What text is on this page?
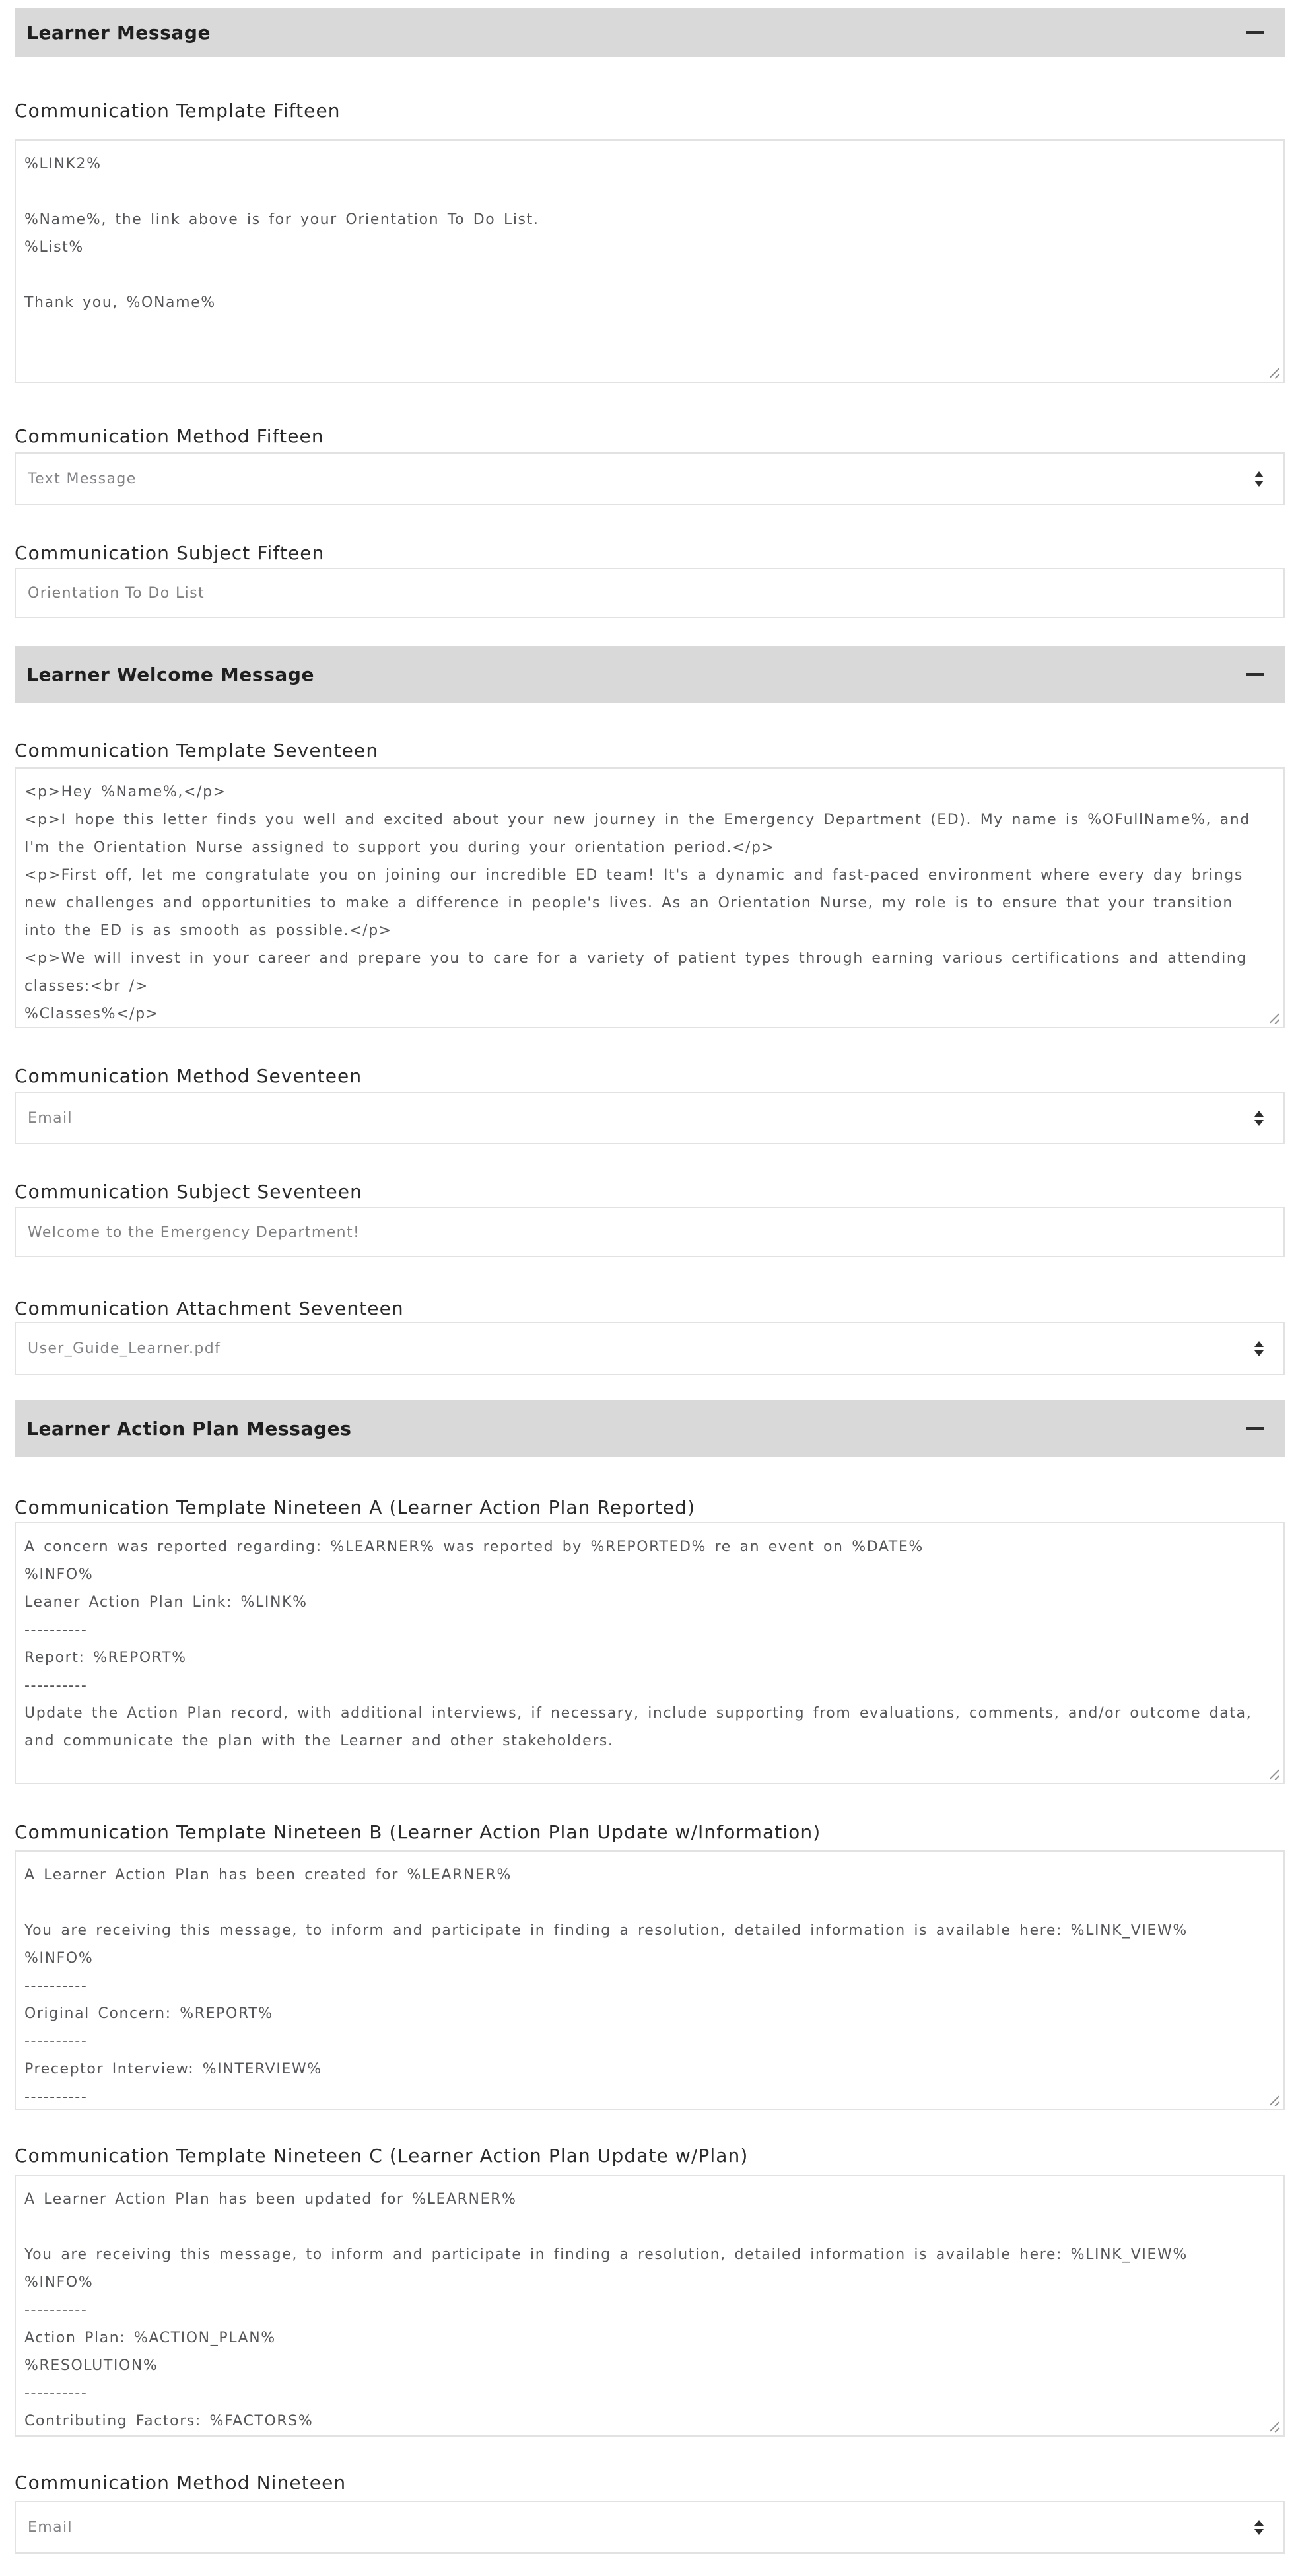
Learner Message
Communication Template Fifteen
%LINK2% %Name%, the link above is for your Orientation To Do List. %List% Thank you, %OName%
Communication Method Fifteen
Text Message
Communication Subject Fifteen
Orientation To Do List
Learner Welcome Message
Communication Template Seventeen
<p>Hey %Name%,</p> <p>I hope this letter finds you well and excited about your new journey in the Emergency Department (ED). My name is %OFullName%, and I'm the Orientation Nurse assigned to support you during your orientation period.</p> <p>First off, let me congratulate you on joining our incredible ED team! It's a dynamic and fast-paced environment where every day brings new challenges and opportunities to make a difference in people's lives. As an Orientation Nurse, my role is to ensure that your transition into the ED is as smooth as possible.</p> <p>We will invest in your career and prepare you to care for a variety of patient types through earning various certifications and attending classes:<br /> %Classes%</p>
Communication Method Seventeen
Email
Communication Subject Seventeen
Welcome to the Emergency Department!
Communication Attachment Seventeen
User_Guide_Learner.pdf
Learner Action Plan Messages
Communication Template Nineteen A (Learner Action Plan Reported)
A concern was reported regarding: %LEARNER% was reported by %REPORTED% re an event on %DATE% %INFO% Leaner Action Plan Link: %LINK% ---------- Report: %REPORT% ---------- Update the Action Plan record, with additional interviews, if necessary, include supporting from evaluations, comments, and/or outcome data, and communicate the plan with the Learner and other stakeholders.
Communication Template Nineteen B (Learner Action Plan Update w/Information)
A Learner Action Plan has been created for %LEARNER% You are receiving this message, to inform and participate in finding a resolution, detailed information is available here: %LINK_VIEW% %INFO% ---------- Original Concern: %REPORT% ---------- Preceptor Interview: %INTERVIEW% ----------
Communication Template Nineteen C (Learner Action Plan Update w/Plan)
A Learner Action Plan has been updated for %LEARNER% You are receiving this message, to inform and participate in finding a resolution, detailed information is available here: %LINK_VIEW% %INFO% ---------- Action Plan: %ACTION_PLAN% %RESOLUTION% ---------- Contributing Factors: %FACTORS%
Communication Method Nineteen
Email
